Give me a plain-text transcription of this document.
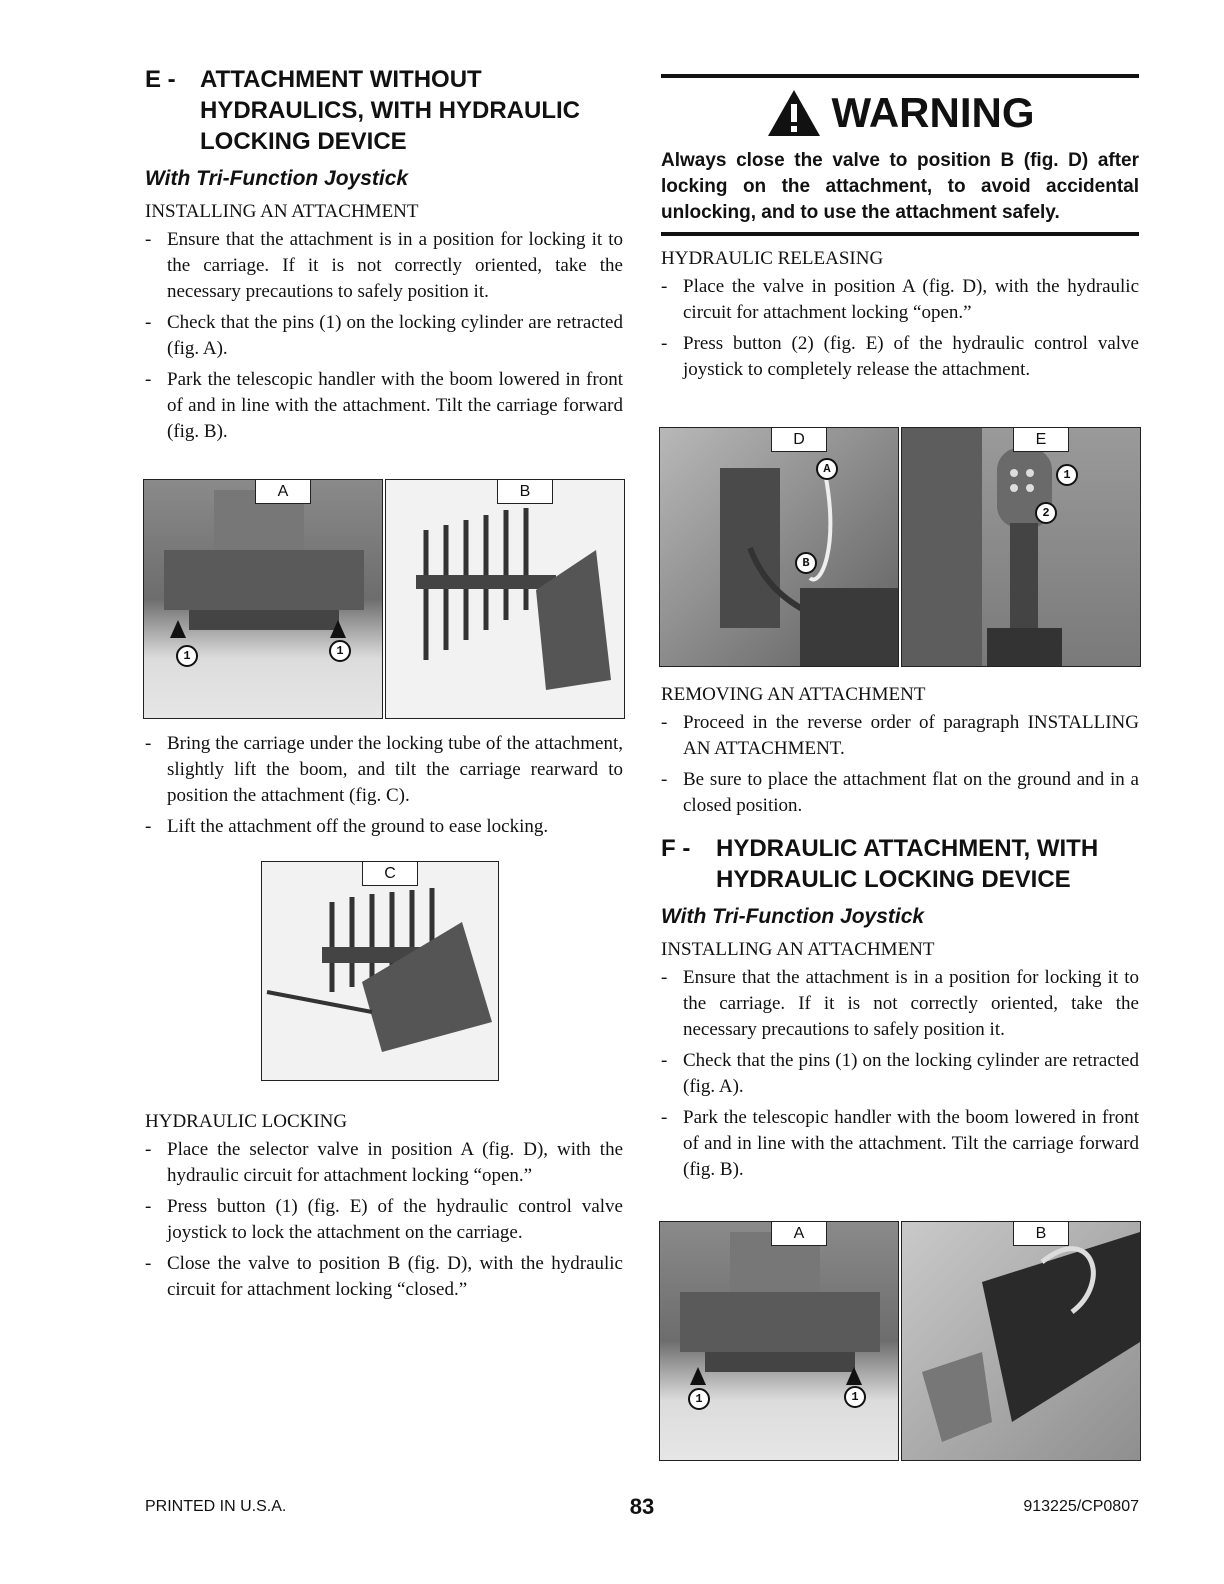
E -	ATTACHMENT WITHOUT
HYDRAULICS, WITH HYDRAULIC
LOCKING DEVICE
With Tri-Function Joystick
INSTALLING AN ATTACHMENT
- Ensure that the attachment is in a position for locking it to the carriage. If it is not correctly oriented, take the necessary precautions to safely position it.
- Check that the pins (1) on the locking cylinder are retracted (fig. A).
- Park the telescopic handler with the boom lowered in front of and in line with the attachment. Tilt the carriage forward (fig. B).
A
1	1
B
- Bring the carriage under the locking tube of the attachment, slightly lift the boom, and tilt the carriage rearward to position the attachment (fig. C).
- Lift the attachment off the ground to ease locking.
C
HYDRAULIC LOCKING
- Place the selector valve in position A (fig. D), with the hydraulic circuit for attachment locking “open.”
- Press button (1) (fig. E) of the hydraulic control valve joystick to lock the attachment on the carriage.
- Close the valve to position B (fig. D), with the hydraulic circuit for attachment locking “closed.”
WARNING
Always close the valve to position B (fig. D) after locking on the attachment, to avoid accidental unlocking, and to use the attachment safely.
HYDRAULIC RELEASING
- Place the valve in position A (fig. D), with the hydraulic circuit for attachment locking “open.”
- Press button (2) (fig. E) of the hydraulic control valve joystick to completely release the attachment.
D
A
B
E
1
2
REMOVING AN ATTACHMENT
- Proceed in the reverse order of paragraph INSTALLING AN ATTACHMENT.
- Be sure to place the attachment flat on the ground and in a closed position.
F -	HYDRAULIC ATTACHMENT, WITH
HYDRAULIC LOCKING DEVICE
With Tri-Function Joystick
INSTALLING AN ATTACHMENT
- Ensure that the attachment is in a position for locking it to the carriage. If it is not correctly oriented, take the necessary precautions to safely position it.
- Check that the pins (1) on the locking cylinder are retracted (fig. A).
- Park the telescopic handler with the boom lowered in front of and in line with the attachment. Tilt the carriage forward (fig. B).
A
1	1
B
PRINTED IN U.S.A.	83	913225/CP0807
